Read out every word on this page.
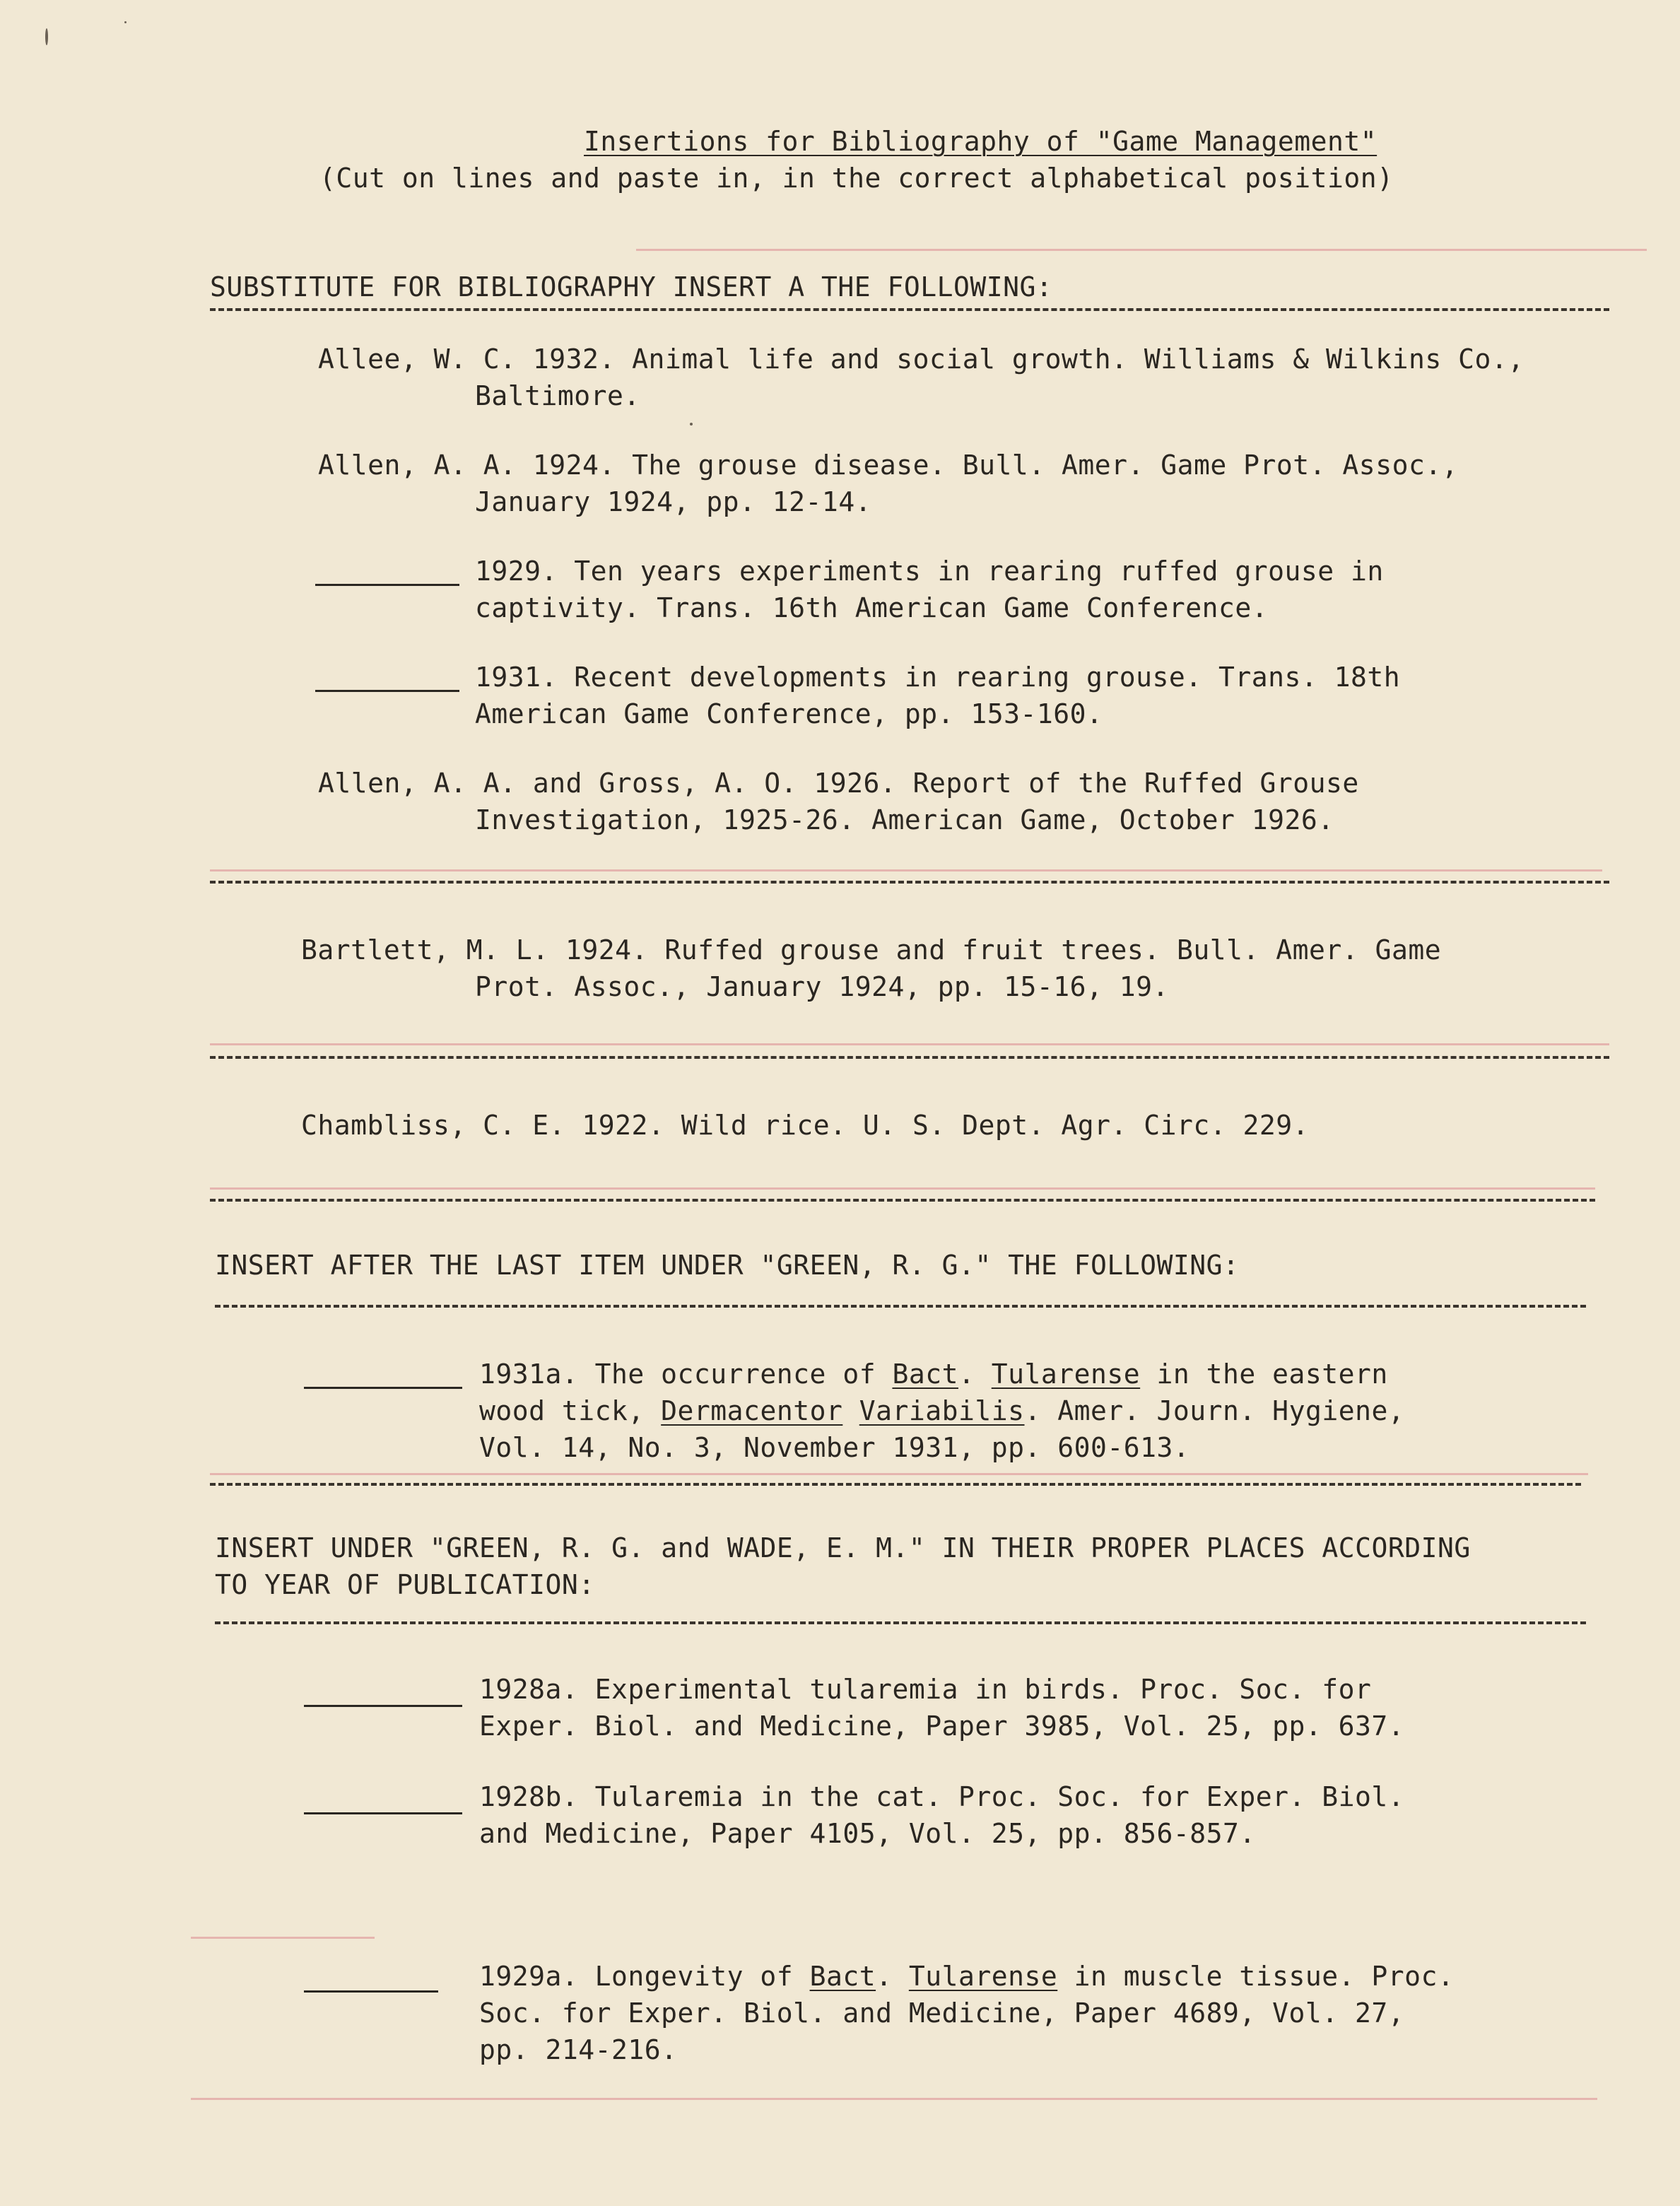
Insertions for Bibliography of "Game Management"
(Cut on lines and paste in, in the correct alphabetical position)
SUBSTITUTE FOR BIBLIOGRAPHY INSERT A THE FOLLOWING:
Allee, W. C. 1932. Animal life and social growth. Williams & Wilkins Co.,
Baltimore.
Allen, A. A. 1924. The grouse disease. Bull. Amer. Game Prot. Assoc.,
January 1924, pp. 12-14.
1929. Ten years experiments in rearing ruffed grouse in
captivity. Trans. 16th American Game Conference.
1931. Recent developments in rearing grouse. Trans. 18th
American Game Conference, pp. 153-160.
Allen, A. A. and Gross, A. O. 1926. Report of the Ruffed Grouse
Investigation, 1925-26. American Game, October 1926.
Bartlett, M. L. 1924. Ruffed grouse and fruit trees. Bull. Amer. Game
Prot. Assoc., January 1924, pp. 15-16, 19.
Chambliss, C. E. 1922. Wild rice. U. S. Dept. Agr. Circ. 229.
INSERT AFTER THE LAST ITEM UNDER "GREEN, R. G." THE FOLLOWING:
1931a. The occurrence of Bact. Tularense in the eastern
wood tick, Dermacentor Variabilis. Amer. Journ. Hygiene,
Vol. 14, No. 3, November 1931, pp. 600-613.
INSERT UNDER "GREEN, R. G. and WADE, E. M." IN THEIR PROPER PLACES ACCORDING
TO YEAR OF PUBLICATION:
1928a. Experimental tularemia in birds. Proc. Soc. for
Exper. Biol. and Medicine, Paper 3985, Vol. 25, pp. 637.
1928b. Tularemia in the cat. Proc. Soc. for Exper. Biol.
and Medicine, Paper 4105, Vol. 25, pp. 856-857.
1929a. Longevity of Bact. Tularense in muscle tissue. Proc.
Soc. for Exper. Biol. and Medicine, Paper 4689, Vol. 27,
pp. 214-216.
